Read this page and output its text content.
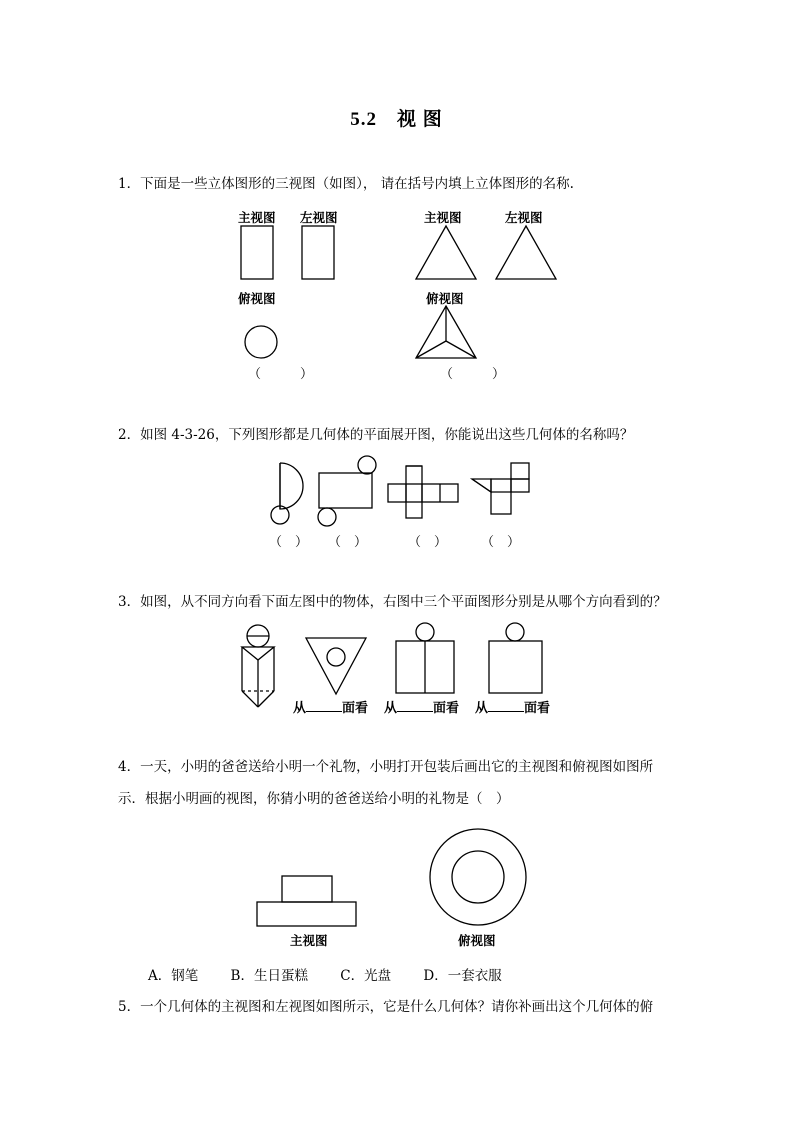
5.2　视 图
1．下面是一些立体图形的三视图（如图）， 请在括号内填上立体图形的名称.
主视图 左视图
俯视图
主视图	左视图
俯视图
（　　　）	（　　　）
2．如图 4-3-26，下列图形都是几何体的平面展开图，你能说出这些几何体的名称吗？
（　） （　）	（　）	（　）
3．如图，从不同方向看下面左图中的物体，右图中三个平面图形分别是从哪个方向看到的？
从	面看 从	面看 从	面看
4．一天，小明的爸爸送给小明一个礼物，小明打开包装后画出它的主视图和俯视图如图所
示．根据小明画的视图，你猜小明的爸爸送给小明的礼物是（　）
主视图	俯视图
A．钢笔 B．生日蛋糕 C．光盘 D．一套衣服
5．一个几何体的主视图和左视图如图所示，它是什么几何体？请你补画出这个几何体的俯
